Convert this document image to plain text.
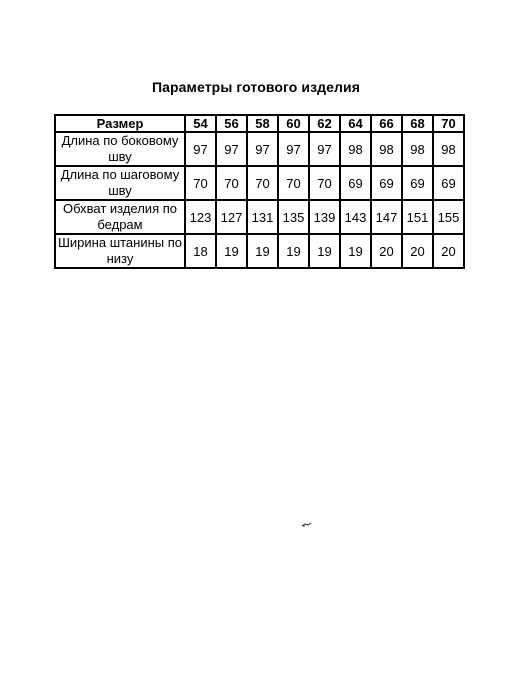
Параметры готового изделия
Размер	54	56	58	60	62	64	66	68	70
Длина по боковому шву	97	97	97	97	97	98	98	98	98
Длина по шаговому шву	70	70	70	70	70	69	69	69	69
Обхват изделия по бедрам	123	127	131	135	139	143	147	151	155
Ширина штанины по низу	18	19	19	19	19	19	20	20	20
